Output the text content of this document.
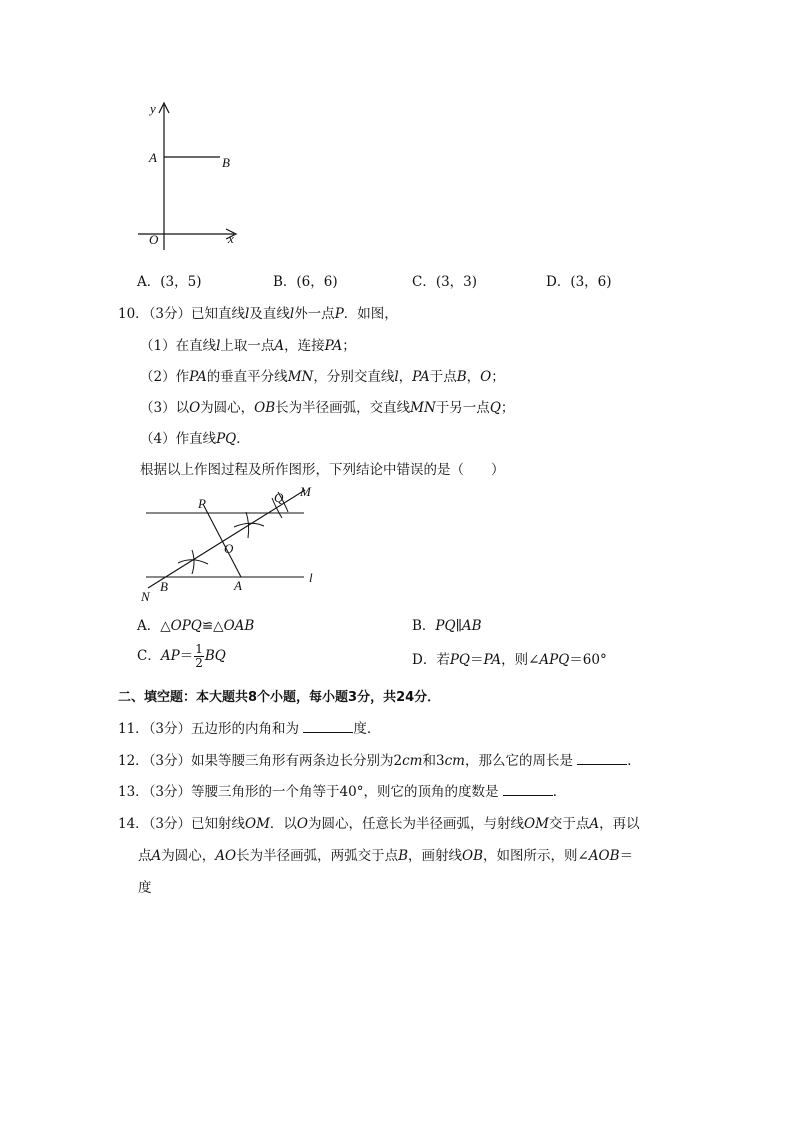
y
x
O
A	B
A．(3，5)	B．(6，6)	C．(3，3)	D．(3，6)
10．（3分）已知直线l及直线l外一点P．如图，
（1）在直线l上取一点A，连接PA；
（2）作PA的垂直平分线MN，分别交直线l，PA于点B，O；
（3）以O为圆心，OB长为半径画弧，交直线MN于另一点Q；
（4）作直线PQ．
根据以上作图过程及所作图形，下列结论中错误的是（　　）
P	Q M
O
B	A
l
N
A．△OPQ≌△OAB	B．PQ∥AB
C．$AP= \frac{1}{2}$ BQ	D．若PQ＝PA，则∠APQ＝60°
二、填空题：本大题共8个小题，每小题3分，共24分．
11．（3分）五边形的内角和为	度．
12．（3分）如果等腰三角形有两条边长分别为2cm和3cm，那么它的周长是	．
13．（3分）等腰三角形的一个角等于40°，则它的顶角的度数是	．
14．（3分）已知射线OM．以O为圆心，任意长为半径画弧，与射线OM交于点A，再以
点A为圆心，AO长为半径画弧，两弧交于点B，画射线OB，如图所示，则∠AOB＝
度
